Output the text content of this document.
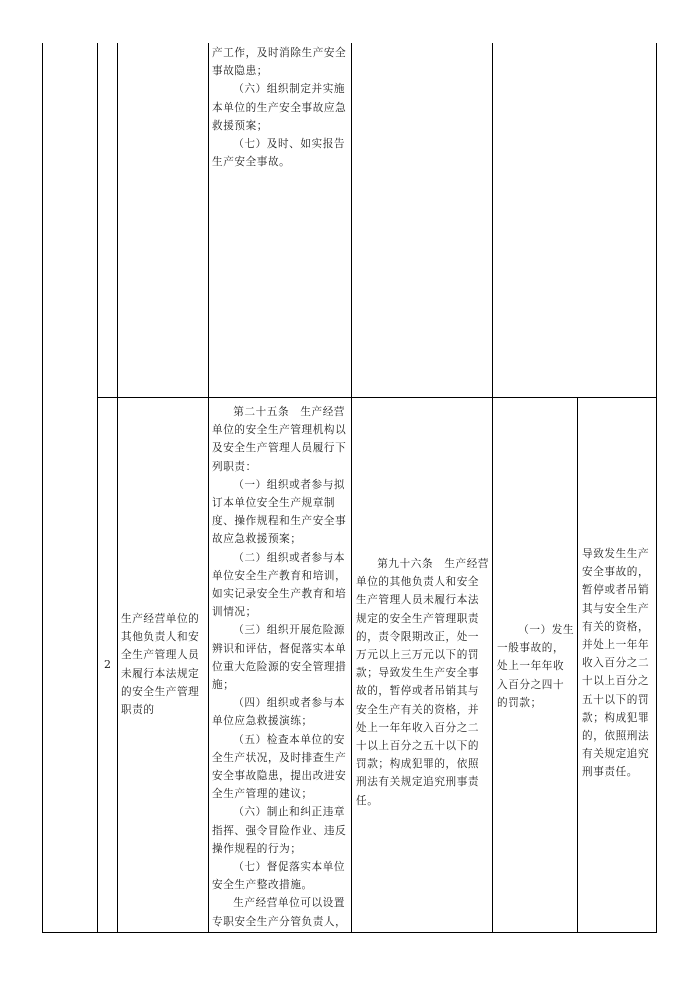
产工作，及时消除生产安全事故隐患；

（六）组织制定并实施本单位的生产安全事故应急救援预案；

（七）及时、如实报告生产安全事故。

2
生产经营单位的其他负责人和安全生产管理人员未履行本法规定的安全生产管理职责的

第二十五条　生产经营单位的安全生产管理机构以及安全生产管理人员履行下列职责：

（一）组织或者参与拟订本单位安全生产规章制度、操作规程和生产安全事故应急救援预案；

（二）组织或者参与本单位安全生产教育和培训，如实记录安全生产教育和培训情况；

（三）组织开展危险源辨识和评估，督促落实本单位重大危险源的安全管理措施；

（四）组织或者参与本单位应急救援演练；

（五）检查本单位的安全生产状况，及时排查生产安全事故隐患，提出改进安全生产管理的建议；

（六）制止和纠正违章指挥、强令冒险作业、违反操作规程的行为；

（七）督促落实本单位安全生产整改措施。

生产经营单位可以设置专职安全生产分管负责人，

第九十六条　生产经营单位的其他负责人和安全生产管理人员未履行本法规定的安全生产管理职责的，责令限期改正，处一万元以上三万元以下的罚款；导致发生生产安全事故的，暂停或者吊销其与安全生产有关的资格，并处上一年年收入百分之二十以上百分之五十以下的罚款；构成犯罪的，依照刑法有关规定追究刑事责任。
（一）发生一般事故的，处上一年年收入百分之四十的罚款；
导致发生生产安全事故的，暂停或者吊销其与安全生产有关的资格，并处上一年年收入百分之二十以上百分之五十以下的罚款；构成犯罪的，依照刑法有关规定追究刑事责任。
